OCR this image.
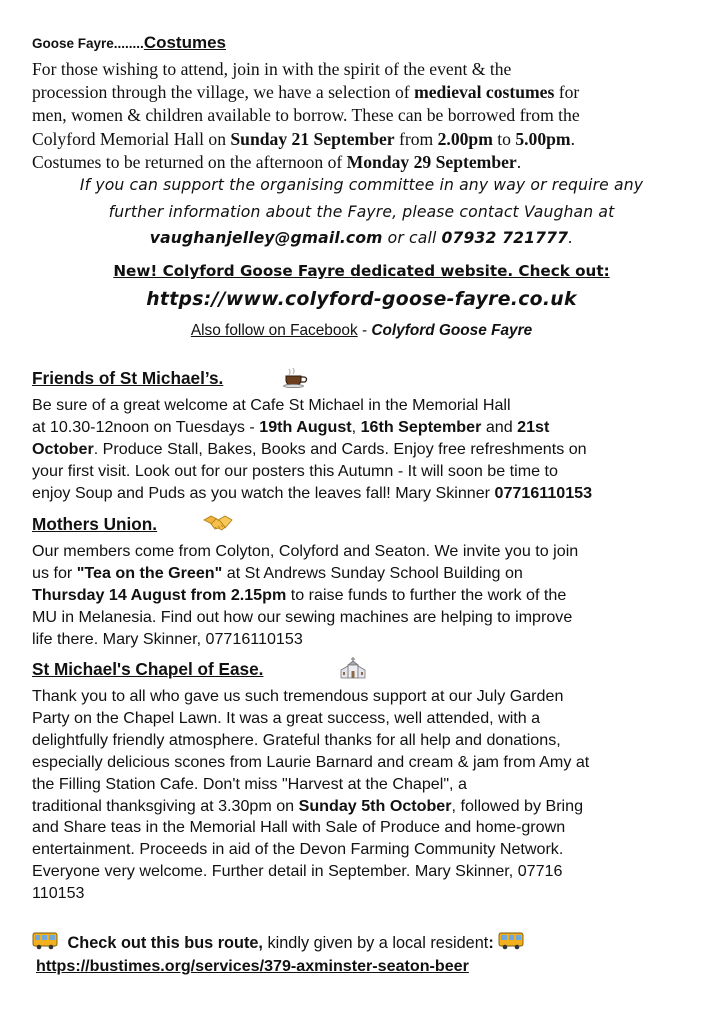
Goose Fayre........Costumes

For those wishing to attend, join in with the spirit of the event & the

procession through the village, we have a selection of medieval costumes for

men, women & children available to borrow. These can be borrowed from the

Colyford Memorial Hall on Sunday 21 September from 2.00pm to 5.00pm.

Costumes to be returned on the afternoon of Monday 29 September.

If you can support the organising committee in any way or require any

further information about the Fayre, please contact Vaughan at

vaughanjelley@gmail.com or call 07932 721777.

New! Colyford Goose Fayre dedicated website. Check out:
https://www.colyford-goose-fayre.co.uk
Also follow on Facebook - Colyford Goose Fayre
Friends of St Michael’s.

Be sure of a great welcome at Cafe St Michael in the Memorial Hall

at 10.30-12noon on Tuesdays - 19th August, 16th September and 21st

October. Produce Stall, Bakes, Books and Cards. Enjoy free refreshments on

your first visit. Look out for our posters this Autumn - It will soon be time to

enjoy Soup and Puds as you watch the leaves fall! Mary Skinner 07716110153

Mothers Union.

Our members come from Colyton, Colyford and Seaton. We invite you to join

us for "Tea on the Green" at St Andrews Sunday School Building on

Thursday 14 August from 2.15pm to raise funds to further the work of the

MU in Melanesia. Find out how our sewing machines are helping to improve

life there. Mary Skinner, 07716110153

St Michael's Chapel of Ease.

Thank you to all who gave us such tremendous support at our July Garden

Party on the Chapel Lawn. It was a great success, well attended, with a

delightfully friendly atmosphere. Grateful thanks for all help and donations,

especially delicious scones from Laurie Barnard and cream & jam from Amy at

the Filling Station Cafe. Don't miss "Harvest at the Chapel", a

traditional thanksgiving at 3.30pm on Sunday 5th October, followed by Bring

and Share teas in the Memorial Hall with Sale of Produce and home-grown

entertainment. Proceeds in aid of the Devon Farming Community Network.

Everyone very welcome. Further detail in September. Mary Skinner, 07716

110153

Check out this bus route, kindly given by a local resident:
https://bustimes.org/services/379-axminster-seaton-beer
